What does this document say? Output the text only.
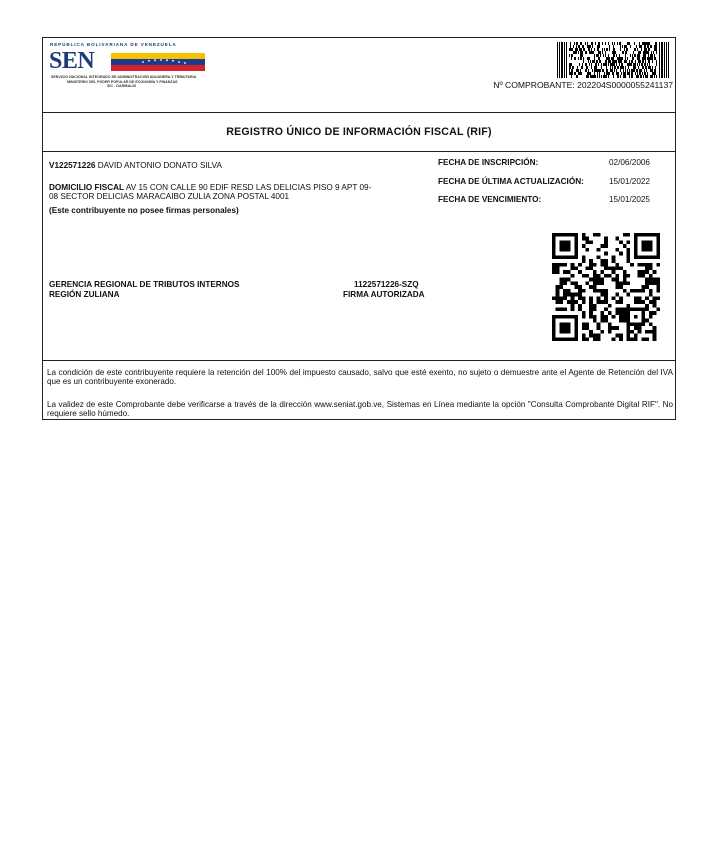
REPÚBLICA BOLIVARIANA DE VENEZUELA
SEN
SERVICIO NACIONAL INTEGRADO DE ADMINISTRACIÓN ADUANERA Y TRIBUTARIA
MINISTERIO DEL PODER POPULAR DE ECONOMÍA Y FINANZAS
SIC - GARIBALDI	Nº COMPROBANTE: 202204S0000055241137
REGISTRO ÚNICO DE INFORMACIÓN FISCAL (RIF)
V122571226 DAVID ANTONIO DONATO SILVA
DOMICILIO FISCAL AV 15 CON CALLE 90 EDIF RESD LAS DELICIAS PISO 9 APT 09-
08 SECTOR DELICIAS MARACAIBO ZULIA ZONA POSTAL 4001
(Este contribuyente no posee firmas personales)
FECHA DE INSCRIPCIÓN:	02/06/2006
FECHA DE ÚLTIMA ACTUALIZACIÓN:	15/01/2022
FECHA DE VENCIMIENTO:	15/01/2025
GERENCIA REGIONAL DE TRIBUTOS INTERNOS
REGIÓN ZULIANA
1122571226-SZQ
FIRMA AUTORIZADA
La condición de este contribuyente requiere la retención del 100% del impuesto causado, salvo que esté exento, no sujeto o demuestre ante el Agente de Retención del IVA que es un contribuyente exonerado.
La validez de este Comprobante debe verificarse a través de la dirección www.seniat.gob.ve, Sistemas en Línea mediante la opción "Consulta Comprobante Digital RIF". No requiere sello húmedo.
